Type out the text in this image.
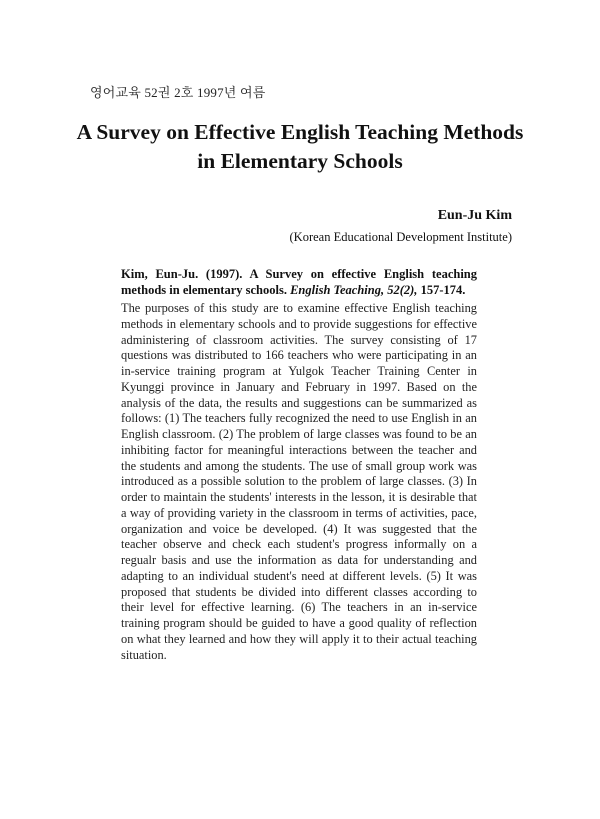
영어교육 52권 2호 1997년 여름
A Survey on Effective English Teaching Methods
in Elementary Schools
Eun-Ju Kim
(Korean Educational Development Institute)

Kim, Eun-Ju. (1997). A Survey on effective English teaching methods in elementary schools. English Teaching, 52(2), 157-174.

The purposes of this study are to examine effective English teaching methods in elementary schools and to provide suggestions for effective administering of classroom activities. The survey consisting of 17 questions was distributed to 166 teachers who were participating in an in-service training program at Yulgok Teacher Training Center in Kyunggi province in January and February in 1997. Based on the analysis of the data, the results and suggestions can be summarized as follows: (1) The teachers fully recognized the need to use English in an English classroom. (2) The problem of large classes was found to be an inhibiting factor for meaningful interactions between the teacher and the students and among the students. The use of small group work was introduced as a possible solution to the problem of large classes. (3) In order to maintain the students' interests in the lesson, it is desirable that a way of providing variety in the classroom in terms of activities, pace, organization and voice be developed. (4) It was suggested that the teacher observe and check each student's progress informally on a regualr basis and use the information as data for understanding and adapting to an individual student's need at different levels. (5) It was proposed that students be divided into different classes according to their level for effective learning. (6) The teachers in an in-service training program should be guided to have a good quality of reflection on what they learned and how they will apply it to their actual teaching situation.
